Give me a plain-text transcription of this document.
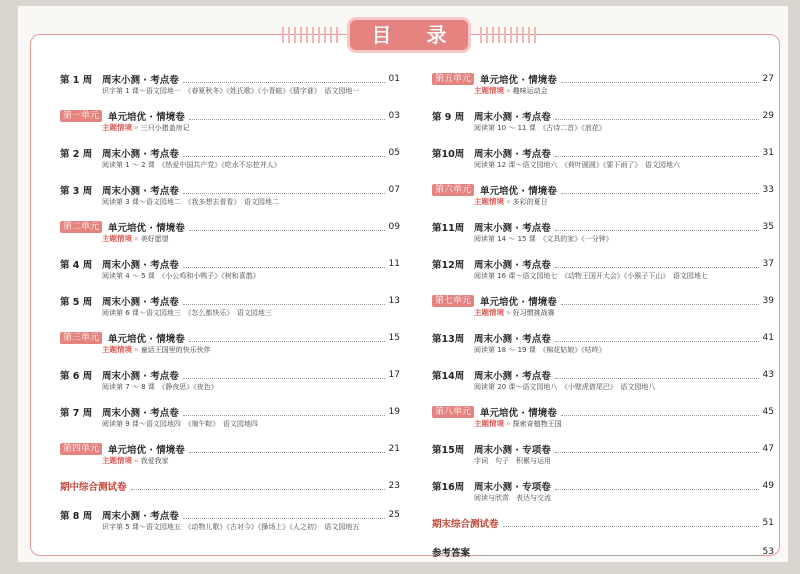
目 录
第 1 周	周末小测 · 考点卷	01
识字第 1 课～语文园地一　《春夏秋冬》《姓氏歌》《小青蛙》《猜字谜》　语文园地一
第一单元 单元培优 · 情境卷	03
主题情境 » 三只小猪盖房记
第 2 周	周末小测 · 考点卷	05
阅读第 1 ～ 2 课　《热爱中国共产党》《吃水不忘挖井人》
第 3 周	周末小测 · 考点卷	07
阅读第 3 课～语文园地二　《我多想去看看》　语文园地二
第二单元 单元培优 · 情境卷	09
主题情境 » 美好愿望
第 4 周	周末小测 · 考点卷	11
阅读第 4 ～ 5 课　《小公鸡和小鸭子》《树和喜鹊》
第 5 周	周末小测 · 考点卷	13
阅读第 6 课～语文园地三　《怎么都快乐》　语文园地三
第三单元 单元培优 · 情境卷	15
主题情境 » 童话王国里的快乐伙伴
第 6 周	周末小测 · 考点卷	17
阅读第 7 ～ 8 课　《静夜思》《夜色》
第 7 周	周末小测 · 考点卷	19
阅读第 9 课～语文园地四　《端午粽》　语文园地四
第四单元 单元培优 · 情境卷	21
主题情境 » 我爱我家
期中综合测试卷	23
第 8 周	周末小测 · 考点卷	25
识字第 5 课～语文园地五　《动物儿歌》《古对今》《操场上》《人之初》　语文园地五
第五单元 单元培优 · 情境卷	27
主题情境 » 趣味运动会
第 9 周	周末小测 · 考点卷	29
阅读第 10 ～ 11 课　《古诗二首》《浪花》
第10周	周末小测 · 考点卷	31
阅读第 12 课～语文园地六　《荷叶圆圆》《要下雨了》　语文园地六
第六单元 单元培优 · 情境卷	33
主题情境 » 多彩的夏日
第11周	周末小测 · 考点卷	35
阅读第 14 ～ 15 课　《文具的家》《一分钟》
第12周	周末小测 · 考点卷	37
阅读第 16 课～语文园地七　《动物王国开大会》《小猴子下山》　语文园地七
第七单元 单元培优 · 情境卷	39
主题情境 » 好习惯挑战赛
第13周	周末小测 · 考点卷	41
阅读第 18 ～ 19 课　《棉花姑娘》《咕咚》
第14周	周末小测 · 考点卷	43
阅读第 20 课～语文园地八　《小壁虎借尾巴》　语文园地八
第八单元 单元培优 · 情境卷	45
主题情境 » 探索奇植物王国
第15周	周末小测 · 专项卷	47
字词　句子　积累与运用
第16周	周末小测 · 专项卷	49
阅读与欣赏　表达与交流
期末综合测试卷	51
参考答案	53
